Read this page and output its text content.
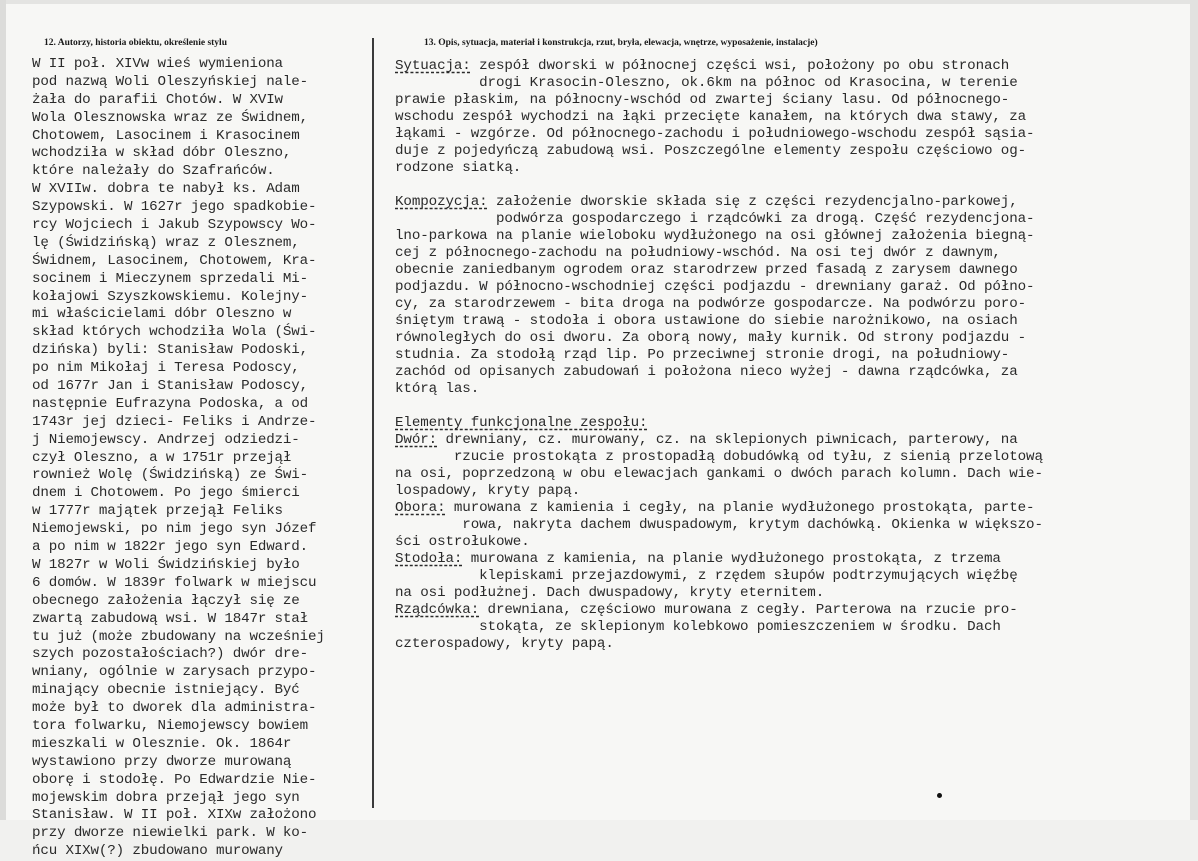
12. Autorzy, historia obiektu, określenie stylu	13. Opis, sytuacja, materiał i konstrukcja, rzut, bryła, elewacja, wnętrze, wyposażenie, instalacje)
W II poł. XIVw wieś wymieniona
pod nazwą Woli Oleszyńskiej nale-
żała do parafii Chotów. W XVIw
Wola Olesznowska wraz ze Świdnem,
Chotowem, Lasocinem i Krasocinem
wchodziła w skład dóbr Oleszno,
które należały do Szafrańców.
W XVIIw. dobra te nabył ks. Adam
Szypowski. W 1627r jego spadkobie-
rcy Wojciech i Jakub Szypowscy Wo-
lę (Świdzińską) wraz z Olesznem,
Świdnem, Lasocinem, Chotowem, Kra-
socinem i Mieczynem sprzedali Mi-
kołajowi Szyszkowskiemu. Kolejny-
mi właścicielami dóbr Oleszno w
skład których wchodziła Wola (Świ-
dzińska) byli: Stanisław Podoski,
po nim Mikołaj i Teresa Podoscy,
od 1677r Jan i Stanisław Podoscy,
następnie Eufrazyna Podoska, a od
1743r jej dzieci- Feliks i Andrze-
j Niemojewscy. Andrzej odziedzi-
czył Oleszno, a w 1751r przejął
rownież Wolę (Świdzińską) ze Świ-
dnem i Chotowem. Po jego śmierci
w 1777r majątek przejął Feliks
Niemojewski, po nim jego syn Józef
a po nim w 1822r jego syn Edward.
W 1827r w Woli Świdzińskiej było
6 domów. W 1839r folwark w miejscu
obecnego założenia łączył się ze
zwartą zabudową wsi. W 1847r stał
tu już (może zbudowany na wcześniej
szych pozostałościach?) dwór dre-
wniany, ogólnie w zarysach przypo-
minający obecnie istniejący. Być
może był to dworek dla administra-
tora folwarku, Niemojewscy bowiem
mieszkali w Olesznie. Ok. 1864r
wystawiono przy dworze murowaną
oborę i stodołę. Po Edwardzie Nie-
mojewskim dobra przejął jego syn
Stanisław. W II poł. XIXw założono
przy dworze niewielki park. W ko-
ńcu XIXw(?) zbudowano murowany
Sytuacja: zespół dworski w północnej części wsi, położony po obu stronach
drogi Krasocin-Oleszno, ok.6km na północ od Krasocina, w terenie
prawie płaskim, na północny-wschód od zwartej ściany lasu. Od północnego-
wschodu zespół wychodzi na łąki przecięte kanałem, na których dwa stawy, za
łąkami - wzgórze. Od północnego-zachodu i południowego-wschodu zespół sąsia-
duje z pojedyńczą zabudową wsi. Poszczególne elementy zespołu częściowo og-
rodzone siatką.
Kompozycja: założenie dworskie składa się z części rezydencjalno-parkowej,
podwórza gospodarczego i rządcówki za drogą. Część rezydencjona-
lno-parkowa na planie wieloboku wydłużonego na osi głównej założenia biegną-
cej z północnego-zachodu na południowy-wschód. Na osi tej dwór z dawnym,
obecnie zaniedbanym ogrodem oraz starodrzew przed fasadą z zarysem dawnego
podjazdu. W północno-wschodniej części podjazdu - drewniany garaż. Od półno-
cy, za starodrzewem - bita droga na podwórze gospodarcze. Na podwórzu poro-
śniętym trawą - stodoła i obora ustawione do siebie narożnikowo, na osiach
równoległych do osi dworu. Za oborą nowy, mały kurnik. Od strony podjazdu -
studnia. Za stodołą rząd lip. Po przeciwnej stronie drogi, na południowy-
zachód od opisanych zabudowań i położona nieco wyżej - dawna rządcówka, za
którą las.
Elementy funkcjonalne zespołu:
Dwór: drewniany, cz. murowany, cz. na sklepionych piwnicach, parterowy, na
rzucie prostokąta z prostopadłą dobudówką od tyłu, z sienią przelotową
na osi, poprzedzoną w obu elewacjach gankami o dwóch parach kolumn. Dach wie-
lospadowy, kryty papą.
Obora: murowana z kamienia i cegły, na planie wydłużonego prostokąta, parte-
rowa, nakryta dachem dwuspadowym, krytym dachówką. Okienka w większo-
ści ostrołukowe.
Stodoła: murowana z kamienia, na planie wydłużonego prostokąta, z trzema
klepiskami przejazdowymi, z rzędem słupów podtrzymujących więźbę
na osi podłużnej. Dach dwuspadowy, kryty eternitem.
Rządcówka: drewniana, częściowo murowana z cegły. Parterowa na rzucie pro-
stokąta, ze sklepionym kolebkowo pomieszczeniem w środku. Dach
czterospadowy, kryty papą.
